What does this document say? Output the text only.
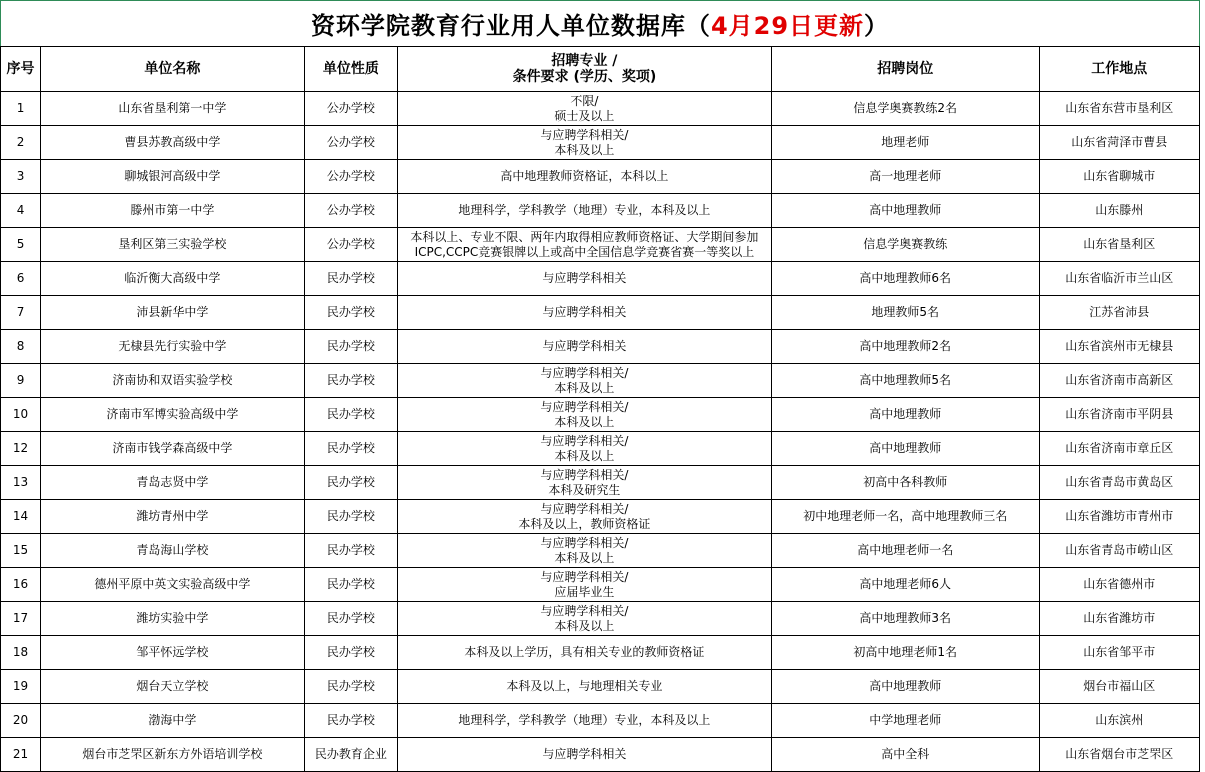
资环学院教育行业用人单位数据库（ 4月29日更新 ）
序号	单位名称	单位性质	招聘专业 /
条件要求 (学历、奖项)	招聘岗位	工作地点
1	山东省垦利第一中学	公办学校	不限/
硕士及以上	信息学奥赛教练2名	山东省东营市垦利区
2	曹县苏教高级中学	公办学校	与应聘学科相关/
本科及以上	地理老师	山东省菏泽市曹县
3	聊城银河高级中学	公办学校	高中地理教师资格证，本科以上	高一地理老师	山东省聊城市
4	滕州市第一中学	公办学校	地理科学，学科教学（地理）专业，本科及以上	高中地理教师	山东滕州
5	垦利区第三实验学校	公办学校	本科以上、专业不限、两年内取得相应教师资格证、大学期间参加
ICPC,CCPC竞赛银牌以上或高中全国信息学竞赛省赛一等奖以上	信息学奥赛教练	山东省垦利区
6	临沂衡大高级中学	民办学校	与应聘学科相关	高中地理教师6名	山东省临沂市兰山区
7	沛县新华中学	民办学校	与应聘学科相关	地理教师5名	江苏省沛县
8	无棣县先行实验中学	民办学校	与应聘学科相关	高中地理教师2名	山东省滨州市无棣县
9	济南协和双语实验学校	民办学校	与应聘学科相关/
本科及以上	高中地理教师5名	山东省济南市高新区
10	济南市军博实验高级中学	民办学校	与应聘学科相关/
本科及以上	高中地理教师	山东省济南市平阴县
12	济南市钱学森高级中学	民办学校	与应聘学科相关/
本科及以上	高中地理教师	山东省济南市章丘区
13	青岛志贤中学	民办学校	与应聘学科相关/
本科及研究生	初高中各科教师	山东省青岛市黄岛区
14	潍坊青州中学	民办学校	与应聘学科相关/
本科及以上，教师资格证	初中地理老师一名，高中地理教师三名	山东省潍坊市青州市
15	青岛海山学校	民办学校	与应聘学科相关/
本科及以上	高中地理老师一名	山东省青岛市崂山区
16	德州平原中英文实验高级中学	民办学校	与应聘学科相关/
应届毕业生	高中地理老师6人	山东省德州市
17	潍坊实验中学	民办学校	与应聘学科相关/
本科及以上	高中地理教师3名	山东省潍坊市
18	邹平怀远学校	民办学校	本科及以上学历，具有相关专业的教师资格证	初高中地理老师1名	山东省邹平市
19	烟台天立学校	民办学校	本科及以上，与地理相关专业	高中地理教师	烟台市福山区
20	渤海中学	民办学校	地理科学，学科教学（地理）专业，本科及以上	中学地理老师	山东滨州
21	烟台市芝罘区新东方外语培训学校	民办教育企业	与应聘学科相关	高中全科	山东省烟台市芝罘区
